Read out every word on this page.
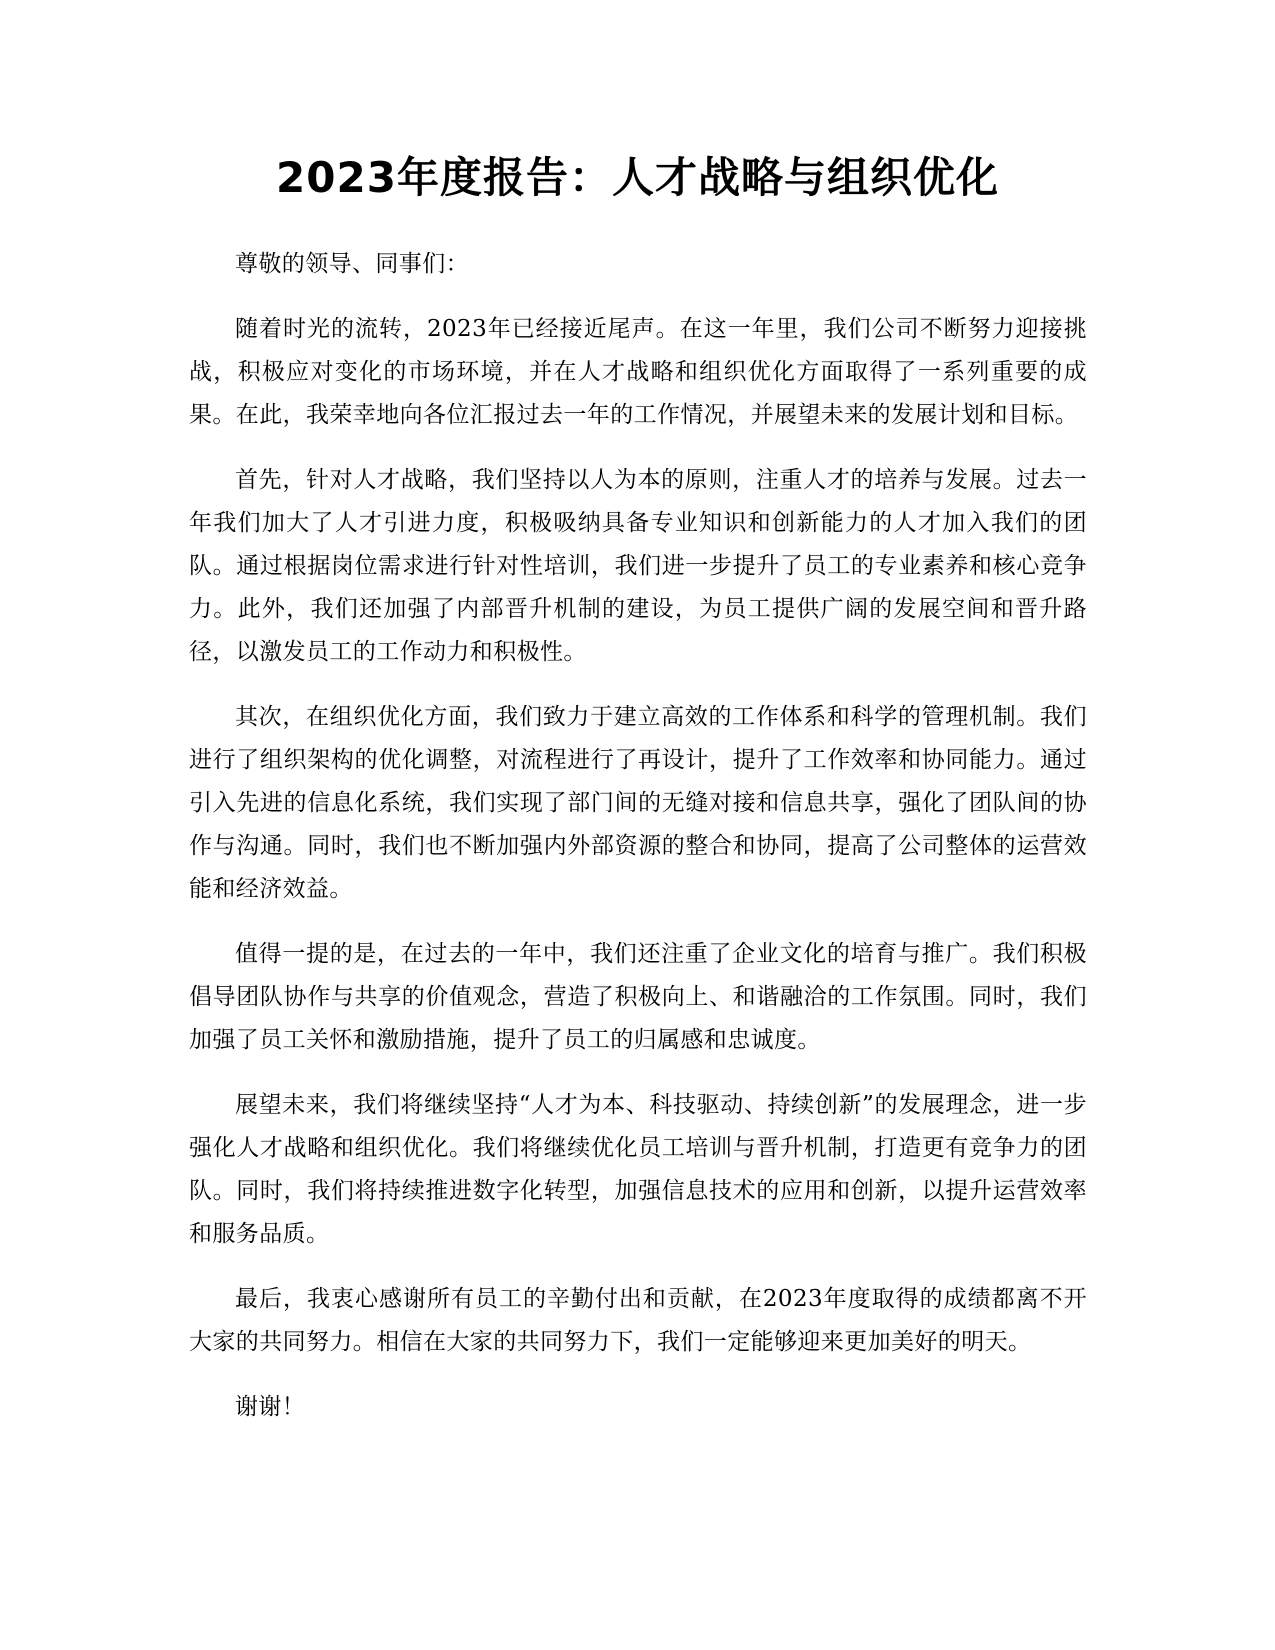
2023年度报告：人才战略与组织优化

尊敬的领导、同事们：

随着时光的流转，2023年已经接近尾声。在这一年里，我们公司不断努力迎接挑战，积极应对变化的市场环境，并在人才战略和组织优化方面取得了一系列重要的成果。在此，我荣幸地向各位汇报过去一年的工作情况，并展望未来的发展计划和目标。

首先，针对人才战略，我们坚持以人为本的原则，注重人才的培养与发展。过去一年我们加大了人才引进力度，积极吸纳具备专业知识和创新能力的人才加入我们的团队。通过根据岗位需求进行针对性培训，我们进一步提升了员工的专业素养和核心竞争力。此外，我们还加强了内部晋升机制的建设，为员工提供广阔的发展空间和晋升路径，以激发员工的工作动力和积极性。

其次，在组织优化方面，我们致力于建立高效的工作体系和科学的管理机制。我们进行了组织架构的优化调整，对流程进行了再设计，提升了工作效率和协同能力。通过引入先进的信息化系统，我们实现了部门间的无缝对接和信息共享，强化了团队间的协作与沟通。同时，我们也不断加强内外部资源的整合和协同，提高了公司整体的运营效能和经济效益。

值得一提的是，在过去的一年中，我们还注重了企业文化的培育与推广。我们积极倡导团队协作与共享的价值观念，营造了积极向上、和谐融洽的工作氛围。同时，我们加强了员工关怀和激励措施，提升了员工的归属感和忠诚度。

展望未来，我们将继续坚持“人才为本、科技驱动、持续创新”的发展理念，进一步强化人才战略和组织优化。我们将继续优化员工培训与晋升机制，打造更有竞争力的团队。同时，我们将持续推进数字化转型，加强信息技术的应用和创新，以提升运营效率和服务品质。

最后，我衷心感谢所有员工的辛勤付出和贡献，在2023年度取得的成绩都离不开大家的共同努力。相信在大家的共同努力下，我们一定能够迎来更加美好的明天。

谢谢！
